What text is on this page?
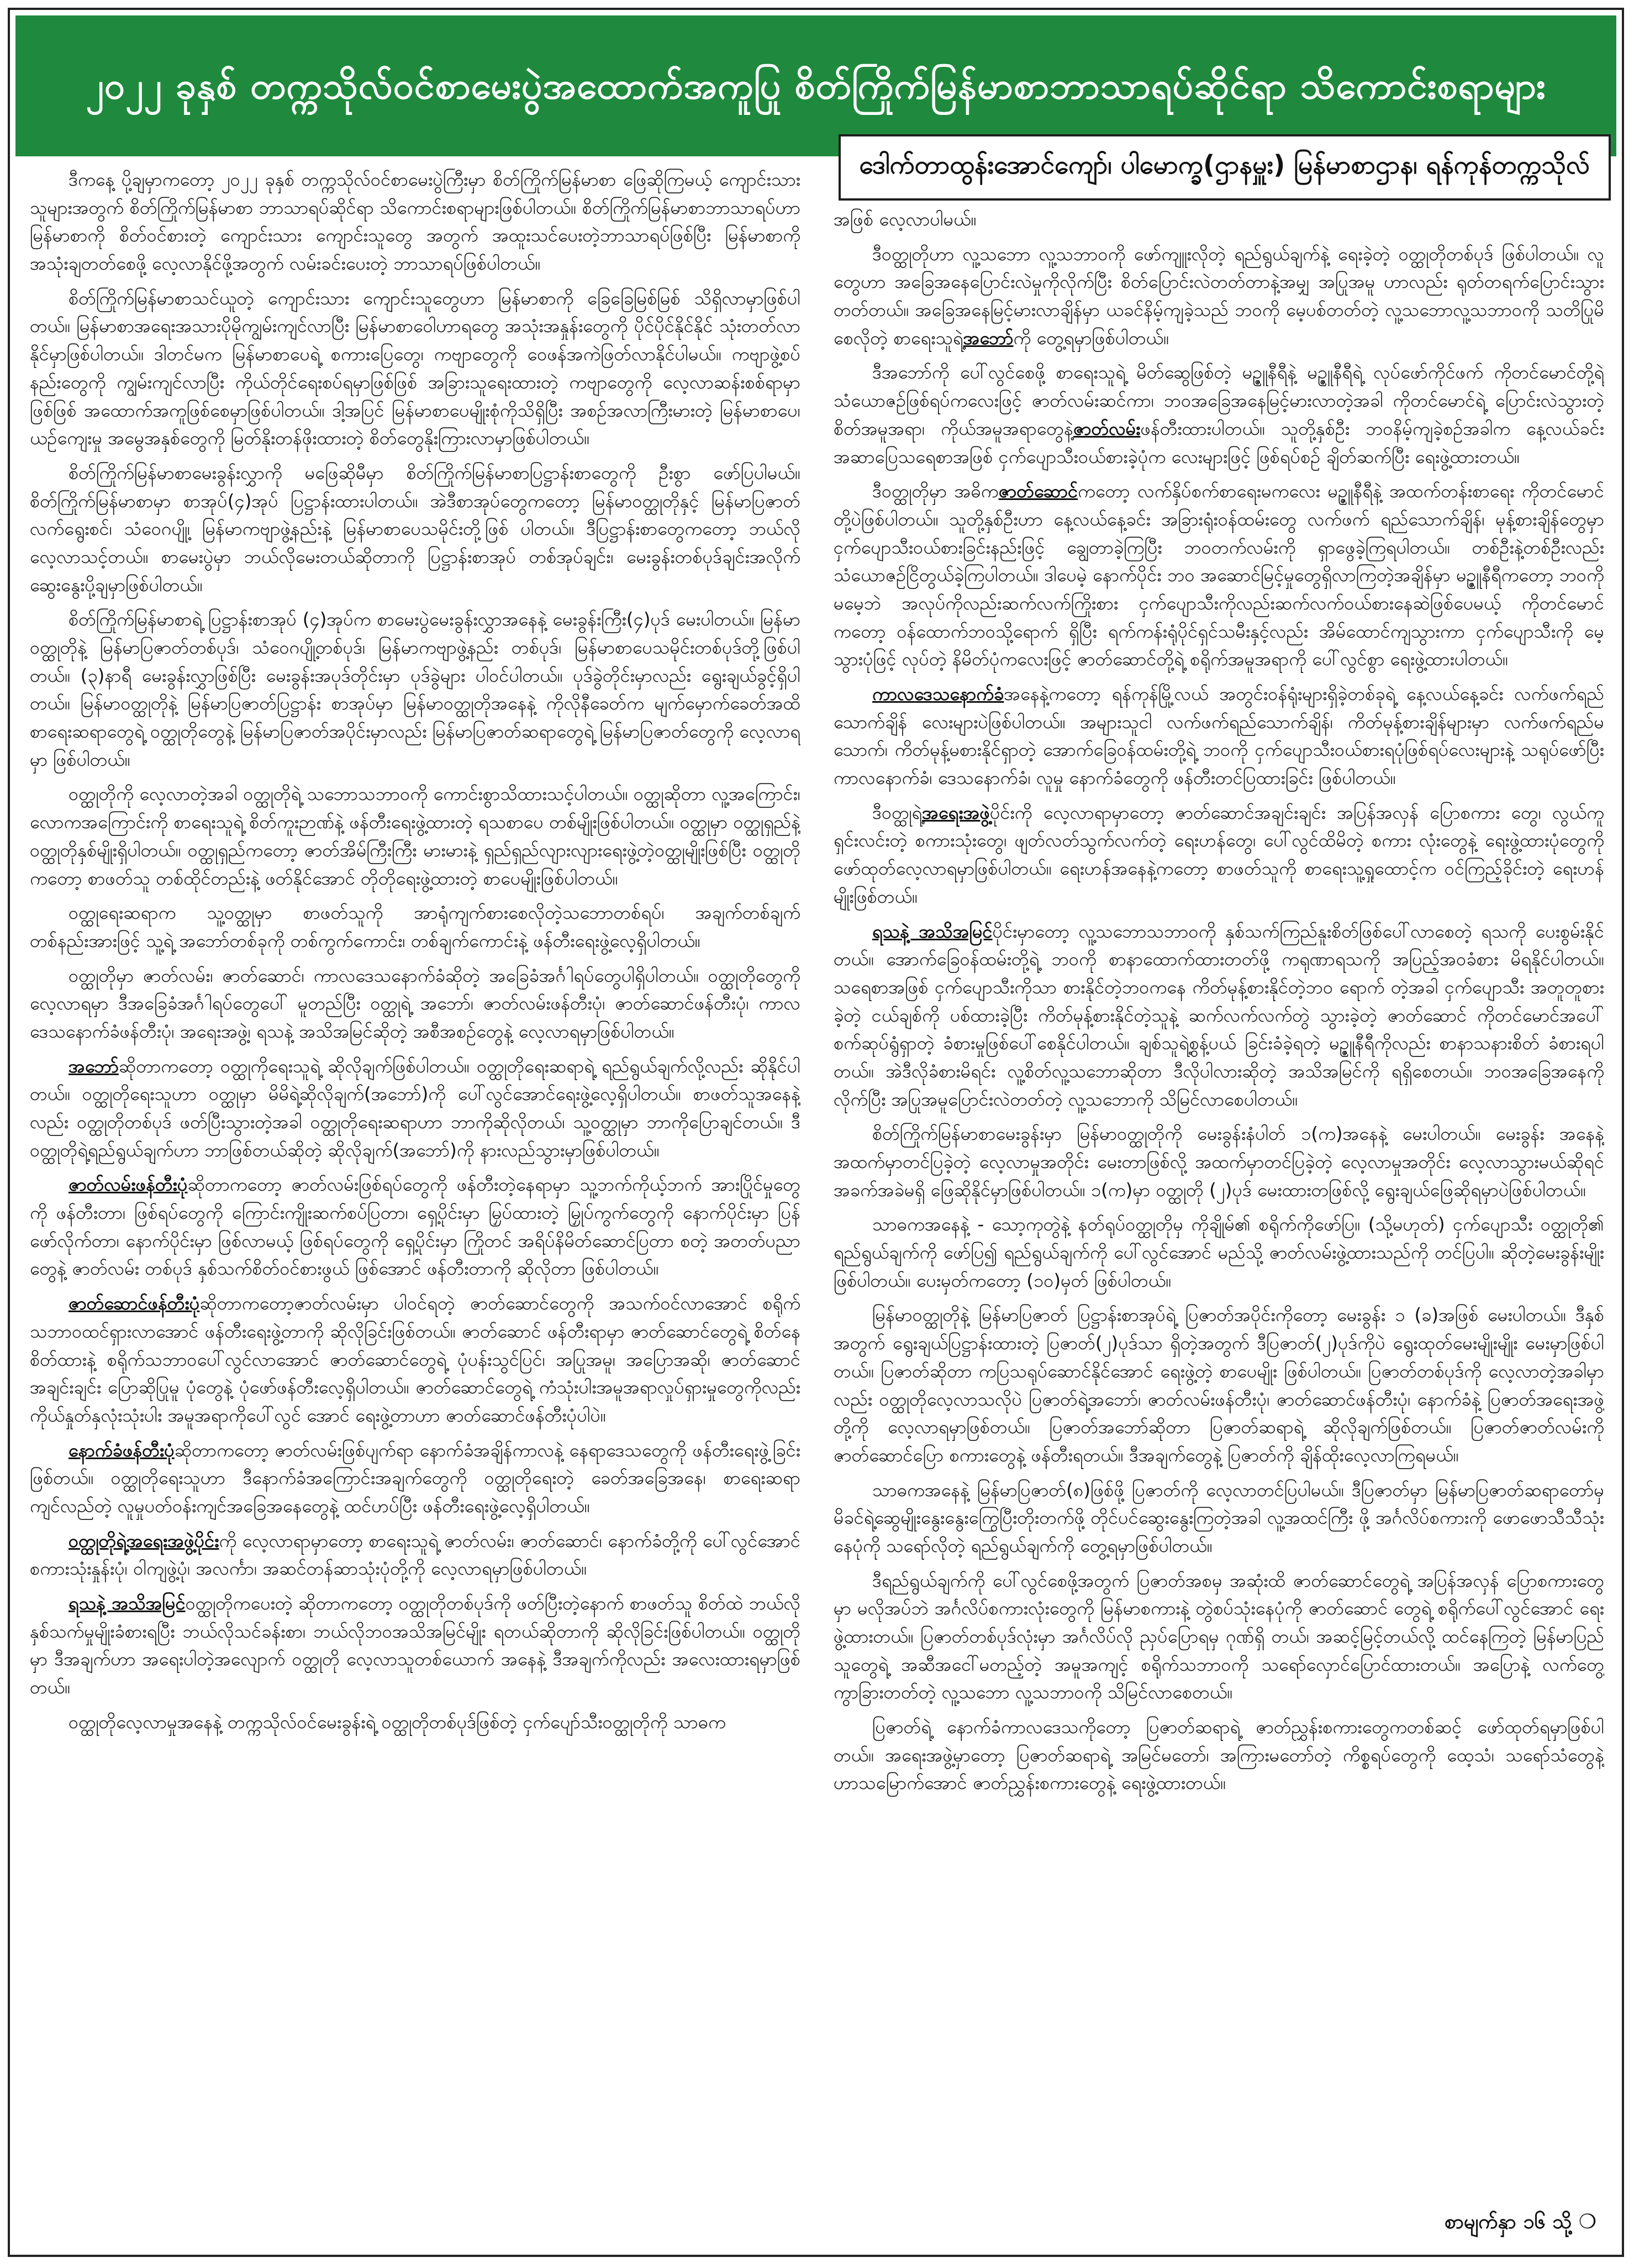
၂၀၂၂ ခုနှစ် တက္ကသိုလ်ဝင်စာမေးပွဲအထောက်အကူပြု စိတ်ကြိုက်မြန်မာစာဘာသာရပ်ဆိုင်ရာ သိကောင်းစရာများ
ဒေါက်တာထွန်းအောင်ကျော်၊ ပါမောက္ခ(ဌာနမှူး) မြန်မာစာဌာန၊ ရန်ကုန်တက္ကသိုလ်

ဒီကနေ့ ပို့ချမှာကတော့ ၂၀၂၂ ခုနှစ် တက္ကသိုလ်ဝင်စာမေးပွဲကြီးမှာ စိတ်ကြိုက်မြန်မာစာ ဖြေဆိုကြမယ့် ကျောင်းသားသူများအတွက် စိတ်ကြိုက်မြန်မာစာ ဘာသာရပ်ဆိုင်ရာ သိကောင်းစရာများဖြစ်ပါတယ်။ စိတ်ကြိုက်မြန်မာစာဘာသာရပ်ဟာ မြန်မာစာကို စိတ်ဝင်စားတဲ့ ကျောင်းသား ကျောင်းသူတွေ အတွက် အထူးသင်ပေးတဲ့ဘာသာရပ်ဖြစ်ပြီး မြန်မာစာကို အသုံးချတတ်စေဖို့ လေ့လာနိုင်ဖို့အတွက် လမ်းခင်းပေးတဲ့ ဘာသာရပ်ဖြစ်ပါတယ်။

စိတ်ကြိုက်မြန်မာစာသင်ယူတဲ့ ကျောင်းသား ကျောင်းသူတွေဟာ မြန်မာစာကို ခြေခြေမြစ်မြစ် သိရှိလာမှာဖြစ်ပါတယ်။ မြန်မာစာအရေးအသားပိုမိုကျွမ်းကျင်လာပြီး မြန်မာစာဝေါဟာရတွေ အသုံးအနှုန်းတွေကို ပိုင်ပိုင်နိုင်နိုင် သုံးတတ်လာနိုင်မှာဖြစ်ပါတယ်။ ဒါတင်မက မြန်မာစာပေရဲ့ စကားပြေတွေ၊ ကဗျာတွေကို ဝေဖန်အကဲဖြတ်လာနိုင်ပါမယ်။ ကဗျာဖွဲ့စပ်နည်းတွေကို ကျွမ်းကျင်လာပြီး ကိုယ်တိုင်ရေးစပ်ရမှာဖြစ်ဖြစ် အခြားသူရေးထားတဲ့ ကဗျာတွေကို လေ့လာဆန်းစစ်ရာမှာဖြစ်ဖြစ် အထောက်အကူဖြစ်စေမှာဖြစ်ပါတယ်။ ဒါ့အပြင် မြန်မာစာပေမျိုးစုံကိုသိရှိပြီး အစဉ်အလာကြီးမားတဲ့ မြန်မာစာပေ၊ ယဉ်ကျေးမှု အမွေအနှစ်တွေကို မြတ်နိုးတန်ဖိုးထားတဲ့ စိတ်တွေနိုးကြားလာမှာဖြစ်ပါတယ်။

စိတ်ကြိုက်မြန်မာစာမေးခွန်းလွှာကို မဖြေဆိုမီမှာ စိတ်ကြိုက်မြန်မာစာပြဋ္ဌာန်းစာတွေကို ဦးစွာ ဖော်ပြပါမယ်။ စိတ်ကြိုက်မြန်မာစာမှာ စာအုပ်(၄)အုပ် ပြဋ္ဌာန်းထားပါတယ်။ အဲဒီစာအုပ်တွေကတော့ မြန်မာဝတ္ထုတိုနှင့် မြန်မာပြဇာတ်လက်ရွေးစင်၊ သံဝေဂပျို့၊ မြန်မာကဗျာဖွဲ့နည်းနဲ့ မြန်မာစာပေသမိုင်းတို့ဖြစ် ပါတယ်။ ဒီပြဋ္ဌာန်းစာတွေကတော့ ဘယ်လိုလေ့လာသင့်တယ်။ စာမေးပွဲမှာ ဘယ်လိုမေးတယ်ဆိုတာကို ပြဋ္ဌာန်းစာအုပ် တစ်အုပ်ချင်း၊ မေးခွန်းတစ်ပုဒ်ချင်းအလိုက် ဆွေးနွေးပို့ချမှာဖြစ်ပါတယ်။

စိတ်ကြိုက်မြန်မာစာရဲ့ ပြဋ္ဌာန်းစာအုပ် (၄)အုပ်က စာမေးပွဲမေးခွန်းလွှာအနေနဲ့ မေးခွန်းကြီး(၄)ပုဒ် မေးပါတယ်။ မြန်မာဝတ္ထုတိုနဲ့ မြန်မာပြဇာတ်တစ်ပုဒ်၊ သံဝေဂပျို့တစ်ပုဒ်၊ မြန်မာကဗျာဖွဲ့နည်း တစ်ပုဒ်၊ မြန်မာစာပေသမိုင်းတစ်ပုဒ်တို့ဖြစ်ပါတယ်။ (၃)နာရီ မေးခွန်းလွှာဖြစ်ပြီး မေးခွန်းအပုဒ်တိုင်းမှာ ပုဒ်ခွဲများ ပါဝင်ပါတယ်။ ပုဒ်ခွဲတိုင်းမှာလည်း ရွေးချယ်ခွင့်ရှိပါတယ်။ မြန်မာဝတ္ထုတိုနဲ့ မြန်မာပြဇာတ်ပြဋ္ဌာန်း စာအုပ်မှာ မြန်မာဝတ္ထုတိုအနေနဲ့ ကိုလိုနီခေတ်က မျက်မှောက်ခေတ်အထိ စာရေးဆရာတွေရဲ့ ဝတ္ထုတိုတွေနဲ့ မြန်မာပြဇာတ်အပိုင်းမှာလည်း မြန်မာပြဇာတ်ဆရာတွေရဲ့ မြန်မာပြဇာတ်တွေကို လေ့လာရမှာ ဖြစ်ပါတယ်။

ဝတ္ထုတိုကို လေ့လာတဲ့အခါ ဝတ္ထုတိုရဲ့ သဘောသဘာဝကို ကောင်းစွာသိထားသင့်ပါတယ်။ ဝတ္ထုဆိုတာ လူ့အကြောင်း၊ လောကအကြောင်းကို စာရေးသူရဲ့ စိတ်ကူးဉာဏ်နဲ့ ဖန်တီးရေးဖွဲ့ထားတဲ့ ရသစာပေ တစ်မျိုးဖြစ်ပါတယ်။ ဝတ္ထုမှာ ဝတ္ထုရှည်နဲ့ ဝတ္ထုတိုနှစ်မျိုးရှိပါတယ်။ ဝတ္ထုရှည်ကတော့ ဇာတ်အိမ်ကြီးကြီး မားမားနဲ့ ရှည်ရှည်လျားလျားရေးဖွဲ့တဲ့ဝတ္ထုမျိုးဖြစ်ပြီး ဝတ္ထုတိုကတော့ စာဖတ်သူ တစ်ထိုင်တည်းနဲ့ ဖတ်နိုင်အောင် တိုတိုရေးဖွဲ့ထားတဲ့ စာပေမျိုးဖြစ်ပါတယ်။

ဝတ္ထုရေးဆရာက သူ့ဝတ္ထုမှာ စာဖတ်သူကို အာရုံကျက်စားစေလိုတဲ့သဘောတစ်ရပ်၊ အချက်တစ်ချက် တစ်နည်းအားဖြင့် သူ့ရဲ့ အဘော်တစ်ခုကို တစ်ကွက်ကောင်း၊ တစ်ချက်ကောင်းနဲ့ ဖန်တီးရေးဖွဲ့လေ့ရှိပါတယ်။

ဝတ္ထုတိုမှာ ဇာတ်လမ်း၊ ဇာတ်ဆောင်၊ ကာလဒေသနောက်ခံဆိုတဲ့ အခြေခံအင်္ဂါရပ်တွေပါရှိပါတယ်။ ဝတ္ထုတိုတွေကို လေ့လာရမှာ ဒီအခြေခံအင်္ဂါရပ်တွေပေါ် မူတည်ပြီး ဝတ္ထုရဲ့ အဘော်၊ ဇာတ်လမ်းဖန်တီးပုံ၊ ဇာတ်ဆောင်ဖန်တီးပုံ၊ ကာလဒေသနောက်ခံဖန်တီးပုံ၊ အရေးအဖွဲ့၊ ရသနဲ့ အသိအမြင်ဆိုတဲ့ အစီအစဉ်တွေနဲ့ လေ့လာရမှာဖြစ်ပါတယ်။

အဘော်ဆိုတာကတော့ ဝတ္ထုကိုရေးသူရဲ့ ဆိုလိုချက်ဖြစ်ပါတယ်။ ဝတ္ထုတိုရေးဆရာရဲ့ ရည်ရွယ်ချက်လို့လည်း ဆိုနိုင်ပါတယ်။ ဝတ္ထုတိုရေးသူဟာ ဝတ္ထုမှာ မိမိရဲ့ဆိုလိုချက်(အဘော်)ကို ပေါ်လွင်အောင်ရေးဖွဲ့လေ့ရှိပါတယ်။ စာဖတ်သူအနေနဲ့လည်း ဝတ္ထုတိုတစ်ပုဒ် ဖတ်ပြီးသွားတဲ့အခါ ဝတ္ထုတိုရေးဆရာဟာ ဘာကိုဆိုလိုတယ်၊ သူ့ဝတ္ထုမှာ ဘာကိုပြောချင်တယ်။ ဒီဝတ္ထုတိုရဲ့ရည်ရွယ်ချက်ဟာ ဘာဖြစ်တယ်ဆိုတဲ့ ဆိုလိုချက်(အဘော်)ကို နားလည်သွားမှာဖြစ်ပါတယ်။

ဇာတ်လမ်းဖန်တီးပုံဆိုတာကတော့ ဇာတ်လမ်းဖြစ်ရပ်တွေကို ဖန်တီးတဲ့နေရာမှာ သူ့ဘက်ကိုယ့်ဘက် အားပြိုင်မှုတွေကို ဖန်တီးတာ၊ ဖြစ်ရပ်တွေကို ကြောင်းကျိုးဆက်စပ်ပြတာ၊ ရှေ့ပိုင်းမှာ မြှပ်ထားတဲ့ မြှုပ်ကွက်တွေကို နောက်ပိုင်းမှာ ပြန်ဖော်လိုက်တာ၊ နောက်ပိုင်းမှာ ဖြစ်လာမယ့် ဖြစ်ရပ်တွေကို ရှေ့ပိုင်းမှာ ကြိုတင် အရိပ်နိမိတ်ဆောင်ပြတာ စတဲ့ အတတ်ပညာတွေနဲ့ ဇာတ်လမ်း တစ်ပုဒ် နှစ်သက်စိတ်ဝင်စားဖွယ် ဖြစ်အောင် ဖန်တီးတာကို ဆိုလိုတာ ဖြစ်ပါတယ်။

ဇာတ်ဆောင်ဖန်တီးပုံဆိုတာကတော့ဇာတ်လမ်းမှာ ပါဝင်ရတဲ့ ဇာတ်ဆောင်တွေကို အသက်ဝင်လာအောင် စရိုက်သဘာဝထင်ရှားလာအောင် ဖန်တီးရေးဖွဲ့တာကို ဆိုလိုခြင်းဖြစ်တယ်။ ဇာတ်ဆောင် ဖန်တီးရာမှာ ဇာတ်ဆောင်တွေရဲ့ စိတ်နေစိတ်ထားနဲ့ စရိုက်သဘာဝပေါ်လွင်လာအောင် ဇာတ်ဆောင်တွေရဲ့ ပုံပန်းသွင်ပြင်၊ အပြုအမူ၊ အပြောအဆို၊ ဇာတ်ဆောင်အချင်းချင်း ပြောဆိုပြုမူ ပုံတွေနဲ့ ပုံဖော်ဖန်တီးလေ့ရှိပါတယ်။ ဇာတ်ဆောင်တွေရဲ့ ကံသုံးပါးအမူအရာလှုပ်ရှားမှုတွေကိုလည်း ကိုယ်နှုတ်နှလုံးသုံးပါး အမူအရာကိုပေါ်လွင် အောင် ရေးဖွဲ့တာဟာ ဇာတ်ဆောင်ဖန်တီးပုံပါပဲ။

နောက်ခံဖန်တီးပုံဆိုတာကတော့ ဇာတ်လမ်းဖြစ်ပျက်ရာ နောက်ခံအချိန်ကာလနဲ့ နေရာဒေသတွေကို ဖန်တီးရေးဖွဲ့ခြင်းဖြစ်တယ်။ ဝတ္ထုတိုရေးသူဟာ ဒီနောက်ခံအကြောင်းအချက်တွေကို ဝတ္ထုတိုရေးတဲ့ ခေတ်အခြေအနေ၊ စာရေးဆရာကျင်လည်တဲ့ လူမှုပတ်ဝန်းကျင်အခြေအနေတွေနဲ့ ထင်ဟပ်ပြီး ဖန်တီးရေးဖွဲ့လေ့ရှိပါတယ်။

ဝတ္ထုတိုရဲ့အရေးအဖွဲ့ပိုင်းကို လေ့လာရာမှာတော့ စာရေးသူရဲ့ ဇာတ်လမ်း၊ ဇာတ်ဆောင်၊ နောက်ခံတို့ကို ပေါ်လွင်အောင် စကားသုံးနှုန်းပုံ၊ ဝါကျဖွဲ့ပုံ၊ အလင်္ကာ၊ အဆင်တန်ဆာသုံးပုံတို့ကို လေ့လာရမှာဖြစ်ပါတယ်။

ရသနဲ့ အသိအမြင်ဝတ္ထုတိုကပေးတဲ့ ဆိုတာကတော့ ဝတ္ထုတိုတစ်ပုဒ်ကို ဖတ်ပြီးတဲ့နောက် စာဖတ်သူ စိတ်ထဲ ဘယ်လိုနှစ်သက်မှုမျိုးခံစားရပြီး ဘယ်လိုသင်ခန်းစာ၊ ဘယ်လိုဘဝအသိအမြင်မျိုး ရတယ်ဆိုတာကို ဆိုလိုခြင်းဖြစ်ပါတယ်။ ဝတ္ထုတိုမှာ ဒီအချက်ဟာ အရေးပါတဲ့အလျောက် ဝတ္ထုတို လေ့လာသူတစ်ယောက် အနေနဲ့ ဒီအချက်ကိုလည်း အလေးထားရမှာဖြစ်တယ်။

ဝတ္ထုတိုလေ့လာမှုအနေနဲ့ တက္ကသိုလ်ဝင်မေးခွန်းရဲ့ ဝတ္ထုတိုတစ်ပုဒ်ဖြစ်တဲ့ ငှက်ပျော်သီးဝတ္ထုတိုကို သာဓက

အဖြစ် လေ့လာပါမယ်။

ဒီဝတ္ထုတိုဟာ လူ့သဘော လူ့သဘာဝကို ဖော်ကျူးလိုတဲ့ ရည်ရွယ်ချက်နဲ့ ရေးခဲ့တဲ့ ဝတ္ထုတိုတစ်ပုဒ် ဖြစ်ပါတယ်။ လူတွေဟာ အခြေအနေပြောင်းလဲမှုကိုလိုက်ပြီး စိတ်ပြောင်းလဲတတ်တာနဲ့အမျှ အပြုအမူ ဟာလည်း ရုတ်တရက်ပြောင်းသွားတတ်တယ်။ အခြေအနေမြင့်မားလာချိန်မှာ ယခင်နိမ့်ကျခဲ့သည် ဘဝကို မေ့ပစ်တတ်တဲ့ လူ့သဘောလူ့သဘာဝကို သတိပြုမိစေလိုတဲ့ စာရေးသူရဲ့အဘော်ကို တွေ့ရမှာဖြစ်ပါတယ်။

ဒီအဘော်ကို ပေါ်လွင်စေဖို့ စာရေးသူရဲ့ မိတ်ဆွေဖြစ်တဲ့ မဥ္ဇူနီရီနဲ့ မဥ္ဇူနီရီရဲ့ လုပ်ဖော်ကိုင်ဖက် ကိုတင်မောင်တို့ရဲ့ သံယောဇဉ်ဖြစ်ရပ်ကလေးဖြင့် ဇာတ်လမ်းဆင်ကာ၊ ဘဝအခြေအနေမြင့်မားလာတဲ့အခါ ကိုတင်မောင်ရဲ့ ပြောင်းလဲသွားတဲ့ စိတ်အမူအရာ၊ ကိုယ်အမူအရာတွေနဲ့ဇာတ်လမ်းဖန်တီးထားပါတယ်။ သူတို့နှစ်ဦး ဘဝနိမ့်ကျခဲ့စဉ်အခါက နေ့လယ်ခင်း အဆာပြေသရေစာအဖြစ် ငှက်ပျောသီးဝယ်စားခဲ့ပုံက လေးများဖြင့် ဖြစ်ရပ်စဉ် ချိတ်ဆက်ပြီး ရေးဖွဲ့ထားတယ်။

ဒီဝတ္ထုတိုမှာ အဓိကဇာတ်ဆောင်ကတော့ လက်နှိပ်စက်စာရေးမကလေး မဥ္ဇူနီရီနဲ့ အထက်တန်းစာရေး ကိုတင်မောင်တို့ပဲဖြစ်ပါတယ်။ သူတို့နှစ်ဦးဟာ နေ့လယ်နေ့ခင်း အခြားရုံးဝန်ထမ်းတွေ လက်ဖက် ရည်သောက်ချိန်၊ မုန့်စားချိန်တွေမှာ ငှက်ပျောသီးဝယ်စားခြင်းနည်းဖြင့် ချွေတာခဲ့ကြပြီး ဘဝတက်လမ်းကို ရှာဖွေခဲ့ကြရပါတယ်။ တစ်ဦးနဲ့တစ်ဦးလည်း သံယောဇဉ်ငြိတွယ်ခဲ့ကြပါတယ်။ ဒါပေမဲ့ နောက်ပိုင်း ဘဝ အဆောင်မြင့်မှုတွေရှိလာကြတဲ့အချိန်မှာ မဥ္ဇူနီရီကတော့ ဘဝကိုမမေ့ဘဲ အလုပ်ကိုလည်းဆက်လက်ကြိုးစား ငှက်ပျောသီးကိုလည်းဆက်လက်ဝယ်စားနေဆဲဖြစ်ပေမယ့် ကိုတင်မောင်ကတော့ ဝန်ထောက်ဘဝသို့ရောက် ရှိပြီး ရက်ကန်းရုံပိုင်ရှင်သမီးနှင့်လည်း အိမ်ထောင်ကျသွားကာ ငှက်ပျောသီးကို မေ့သွားပုံဖြင့် လုပ်တဲ့ နိမိတ်ပုံကလေးဖြင့် ဇာတ်ဆောင်တို့ရဲ့ စရိုက်အမူအရာကို ပေါ်လွင်စွာ ရေးဖွဲ့ထားပါတယ်။

ကာလဒေသနောက်ခံအနေနဲ့ကတော့ ရန်ကုန်မြို့လယ် အတွင်းဝန်ရုံးများရှိခဲ့တစ်ခုရဲ့ နေ့လယ်နေ့ခင်း လက်ဖက်ရည်သောက်ချိန် လေးများပဲဖြစ်ပါတယ်။ အများသူငါ လက်ဖက်ရည်သောက်ချိန်၊ ကိတ်မုန့်စားချိန်များမှာ လက်ဖက်ရည်မသောက်၊ ကိတ်မုန့်မစားနိုင်ရှာတဲ့ အောက်ခြေဝန်ထမ်းတို့ရဲ့ ဘဝကို ငှက်ပျောသီးဝယ်စားရပုံဖြစ်ရပ်လေးများနဲ့ သရုပ်ဖော်ပြီး ကာလနောက်ခံ၊ ဒေသနောက်ခံ၊ လူမှု နောက်ခံတွေကို ဖန်တီးတင်ပြထားခြင်း ဖြစ်ပါတယ်။

ဒီဝတ္ထုရဲ့အရေးအဖွဲ့ပိုင်းကို လေ့လာရာမှာတော့ ဇာတ်ဆောင်အချင်းချင်း အပြန်အလှန် ပြောစကား တွေ၊ လွယ်ကူရှင်းလင်းတဲ့ စကားသုံးတွေ၊ ဖျတ်လတ်သွက်လက်တဲ့ ရေးဟန်တွေ၊ ပေါ်လွင်ထိမိတဲ့ စကား လုံးတွေနဲ့ ရေးဖွဲ့ထားပုံတွေကို ဖော်ထုတ်လေ့လာရမှာဖြစ်ပါတယ်။ ရေးဟန်အနေနဲ့ကတော့ စာဖတ်သူကို စာရေးသူ့ရှုထောင့်က ဝင်ကြည့်ခိုင်းတဲ့ ရေးဟန်မျိုးဖြစ်တယ်။

ရသနဲ့ အသိအမြင်ပိုင်းမှာတော့ လူ့သဘောသဘာဝကို နှစ်သက်ကြည်နူးစိတ်ဖြစ်ပေါ်လာစေတဲ့ ရသကို ပေးစွမ်းနိုင်တယ်။ အောက်ခြေဝန်ထမ်းတို့ရဲ့ ဘဝကို စာနာထောက်ထားတတ်ဖို့ ကရုဏာရသကို အပြည့်အဝခံစား မိရနိုင်ပါတယ်။ သရေစာအဖြစ် ငှက်ပျောသီးကိုသာ စားနိုင်တဲ့ဘဝကနေ ကိတ်မုန့်စားနိုင်တဲ့ဘဝ ရောက် တဲ့အခါ ငှက်ပျောသီး အတူတူစားခဲ့တဲ့ ငယ်ချစ်ကို ပစ်ထားခဲ့ပြီး ကိတ်မုန့်စားနိုင်တဲ့သူနဲ့ ဆက်လက်လက်တွဲ သွားခဲ့တဲ့ ဇာတ်ဆောင် ကိုတင်မောင်အပေါ် စက်ဆုပ်ရွံရှာတဲ့ ခံစားမှုဖြစ်ပေါ်စေနိုင်ပါတယ်။ ချစ်သူရဲ့စွန့်ပယ် ခြင်းခံခဲ့ရတဲ့ မဥ္ဇူနီရီကိုလည်း စာနာသနားစိတ် ခံစားရပါတယ်။ အဲဒီလိုခံစားမိရင်း လူ့စိတ်လူ့သဘောဆိုတာ ဒီလိုပါလားဆိုတဲ့ အသိအမြင်ကို ရရှိစေတယ်။ ဘဝအခြေအနေကို လိုက်ပြီး အပြုအမူပြောင်းလဲတတ်တဲ့ လူ့သဘောကို သိမြင်လာစေပါတယ်။

စိတ်ကြိုက်မြန်မာစာမေးခွန်းမှာ မြန်မာဝတ္ထုတိုကို မေးခွန်းနံပါတ် ၁(က)အနေနဲ့ မေးပါတယ်။ မေးခွန်း အနေနဲ့ အထက်မှာတင်ပြခဲ့တဲ့ လေ့လာမှုအတိုင်း မေးတာဖြစ်လို့ အထက်မှာတင်ပြခဲ့တဲ့ လေ့လာမှုအတိုင်း လေ့လာသွားမယ်ဆိုရင် အခက်အခဲမရှိ ဖြေဆိုနိုင်မှာဖြစ်ပါတယ်။ ၁(က)မှာ ဝတ္ထုတို (၂)ပုဒ် မေးထားတဖြစ်လို့ ရွေးချယ်ဖြေဆိုရမှာပဲဖြစ်ပါတယ်။

သာဓကအနေနဲ့ - သော့ကုတွဲနဲ့ နတ်ရုပ်ဝတ္ထုတိုမှ ကိုချိုမ်၏ စရိုက်ကိုဖော်ပြ။ (သို့မဟုတ်) ငှက်ပျောသီး ဝတ္ထုတို၏ ရည်ရွယ်ချက်ကို ဖော်ပြ၍ ရည်ရွယ်ချက်ကို ပေါ်လွင်အောင် မည်သို့ ဇာတ်လမ်းဖွဲ့ထားသည်ကို တင်ပြပါ။ ဆိုတဲ့မေးခွန်းမျိုး ဖြစ်ပါတယ်။ ပေးမှတ်ကတော့ (၁၀)မှတ် ဖြစ်ပါတယ်။

မြန်မာဝတ္ထုတိုနဲ့ မြန်မာပြဇာတ် ပြဋ္ဌာန်းစာအုပ်ရဲ့ ပြဇာတ်အပိုင်းကိုတော့ မေးခွန်း ၁ (ခ)အဖြစ် မေးပါတယ်။ ဒီနှစ်အတွက် ရွေးချယ်ပြဋ္ဌာန်းထားတဲ့ ပြဇာတ်(၂)ပုဒ်သာ ရှိတဲ့အတွက် ဒီပြဇာတ်(၂)ပုဒ်ကိုပဲ ရွေးထုတ်မေးမျိုးမျိုး မေးမှာဖြစ်ပါတယ်။ ပြဇာတ်ဆိုတာ ကပြသရုပ်ဆောင်နိုင်အောင် ရေးဖွဲ့တဲ့ စာပေမျိုး ဖြစ်ပါတယ်။ ပြဇာတ်တစ်ပုဒ်ကို လေ့လာတဲ့အခါမှာလည်း ဝတ္ထုတိုလေ့လာသလိုပဲ ပြဇာတ်ရဲ့အဘော်၊ ဇာတ်လမ်းဖန်တီးပုံ၊ ဇာတ်ဆောင်ဖန်တီးပုံ၊ နောက်ခံနဲ့ ပြဇာတ်အရေးအဖွဲ့တို့ကို လေ့လာရမှာဖြစ်တယ်။ ပြဇာတ်အဘော်ဆိုတာ ပြဇာတ်ဆရာရဲ့ ဆိုလိုချက်ဖြစ်တယ်။ ပြဇာတ်ဇာတ်လမ်းကို ဇာတ်ဆောင်ပြော စကားတွေနဲ့ ဖန်တီးရတယ်။ ဒီအချက်တွေနဲ့ ပြဇာတ်ကို ချိန်ထိုးလေ့လာကြရမယ်။

သာဓကအနေနဲ့ မြန်မာပြဇာတ်(၈)ဖြစ်ဖို့ ပြဇာတ်ကို လေ့လာတင်ပြပါမယ်။ ဒီပြဇာတ်မှာ မြန်မာပြဇာတ်ဆရာတော်မှ မိခင်ရဲ့ဆွေမျိုးနွေးနွေးကြွေပြီးတိုးတက်ဖို့ တိုင်ပင်ဆွေးနွေးကြတဲ့အခါ လူ့အထင်ကြီး ဖို့ အင်္ဂလိပ်စကားကို ဖောဖောသီသီသုံးနေပုံကို သရော်လိုတဲ့ ရည်ရွယ်ချက်ကို တွေ့ရမှာဖြစ်ပါတယ်။

ဒီရည်ရွယ်ချက်ကို ပေါ်လွင်စေဖို့အတွက် ပြဇာတ်အစမှ အဆုံးထိ ဇာတ်ဆောင်တွေရဲ့ အပြန်အလှန် ပြောစကားတွေမှာ မလိုအပ်ဘဲ အင်္ဂလိပ်စကားလုံးတွေကို မြန်မာစကားနဲ့ တွဲစပ်သုံးနေပုံကို ဇာတ်ဆောင် တွေရဲ့ စရိုက်ပေါ်လွင်အောင် ရေးဖွဲ့ထားတယ်။ ပြဇာတ်တစ်ပုဒ်လုံးမှာ အင်္ဂလိပ်လို ညှပ်ပြောရမှ ဂုဏ်ရှိ တယ်၊ အဆင့်မြင့်တယ်လို့ ထင်နေကြတဲ့ မြန်မာပြည်သူတွေရဲ့ အဆီအငေါ်မတည့်တဲ့ အမူအကျင့် စရိုက်သဘာဝကို သရော်လှောင်ပြောင်ထားတယ်။ အပြောနဲ့ လက်တွေ့ ကွာခြားတတ်တဲ့ လူ့သဘော လူ့သဘာဝကို သိမြင်လာစေတယ်။

ပြဇာတ်ရဲ့ နောက်ခံကာလဒေသကိုတော့ ပြဇာတ်ဆရာရဲ့ ဇာတ်ညွှန်းစကားတွေကတစ်ဆင့် ဖော်ထုတ်ရမှာဖြစ်ပါတယ်။ အရေးအဖွဲ့မှာတော့ ပြဇာတ်ဆရာရဲ့ အမြင်မတော်၊ အကြားမတော်တဲ့ ကိစ္စရပ်တွေကို ထေ့သံ၊ သရော်သံတွေနဲ့ ဟာသမြောက်အောင် ဇာတ်ညွှန်းစကားတွေနဲ့ ရေးဖွဲ့ထားတယ်။

စာမျက်နှာ ၁၆ သို့ ❍
